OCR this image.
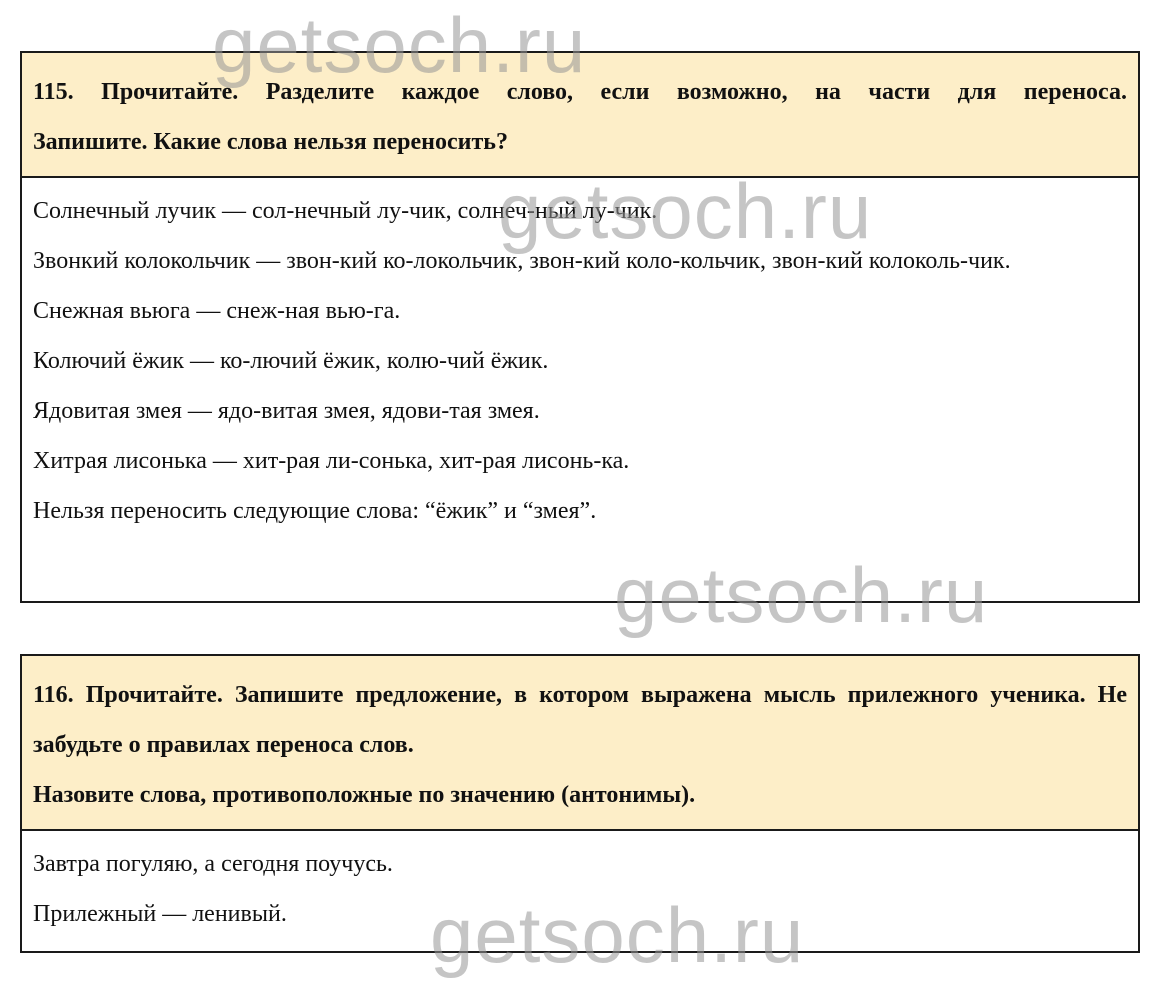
115. Прочитайте. Разделите каждое слово, если возможно, на части для переноса.

Запишите. Какие слова нельзя переносить?

Солнечный лучик — сол-нечный лу-чик, солнеч-ный лу-чик.

Звонкий колокольчик — звон-кий ко-локольчик, звон-кий коло-кольчик, звон-кий колоколь-чик.

Снежная вьюга — снеж-ная вью-га.

Колючий ёжик — ко-лючий ёжик, колю-чий ёжик.

Ядовитая змея — ядо-витая змея, ядови-тая змея.

Хитрая лисонька — хит-рая ли-сонька, хит-рая лисонь-ка.

Нельзя переносить следующие слова: “ёжик” и “змея”.

116. Прочитайте. Запишите предложение, в котором выражена мысль прилежного ученика. Не забудьте о правилах переноса слов.

Назовите слова, противоположные по значению (антонимы).

Завтра погуляю, а сегодня поучусь.

Прилежный — ленивый.

getsoch.ru
getsoch.ru
getsoch.ru
getsoch.ru
